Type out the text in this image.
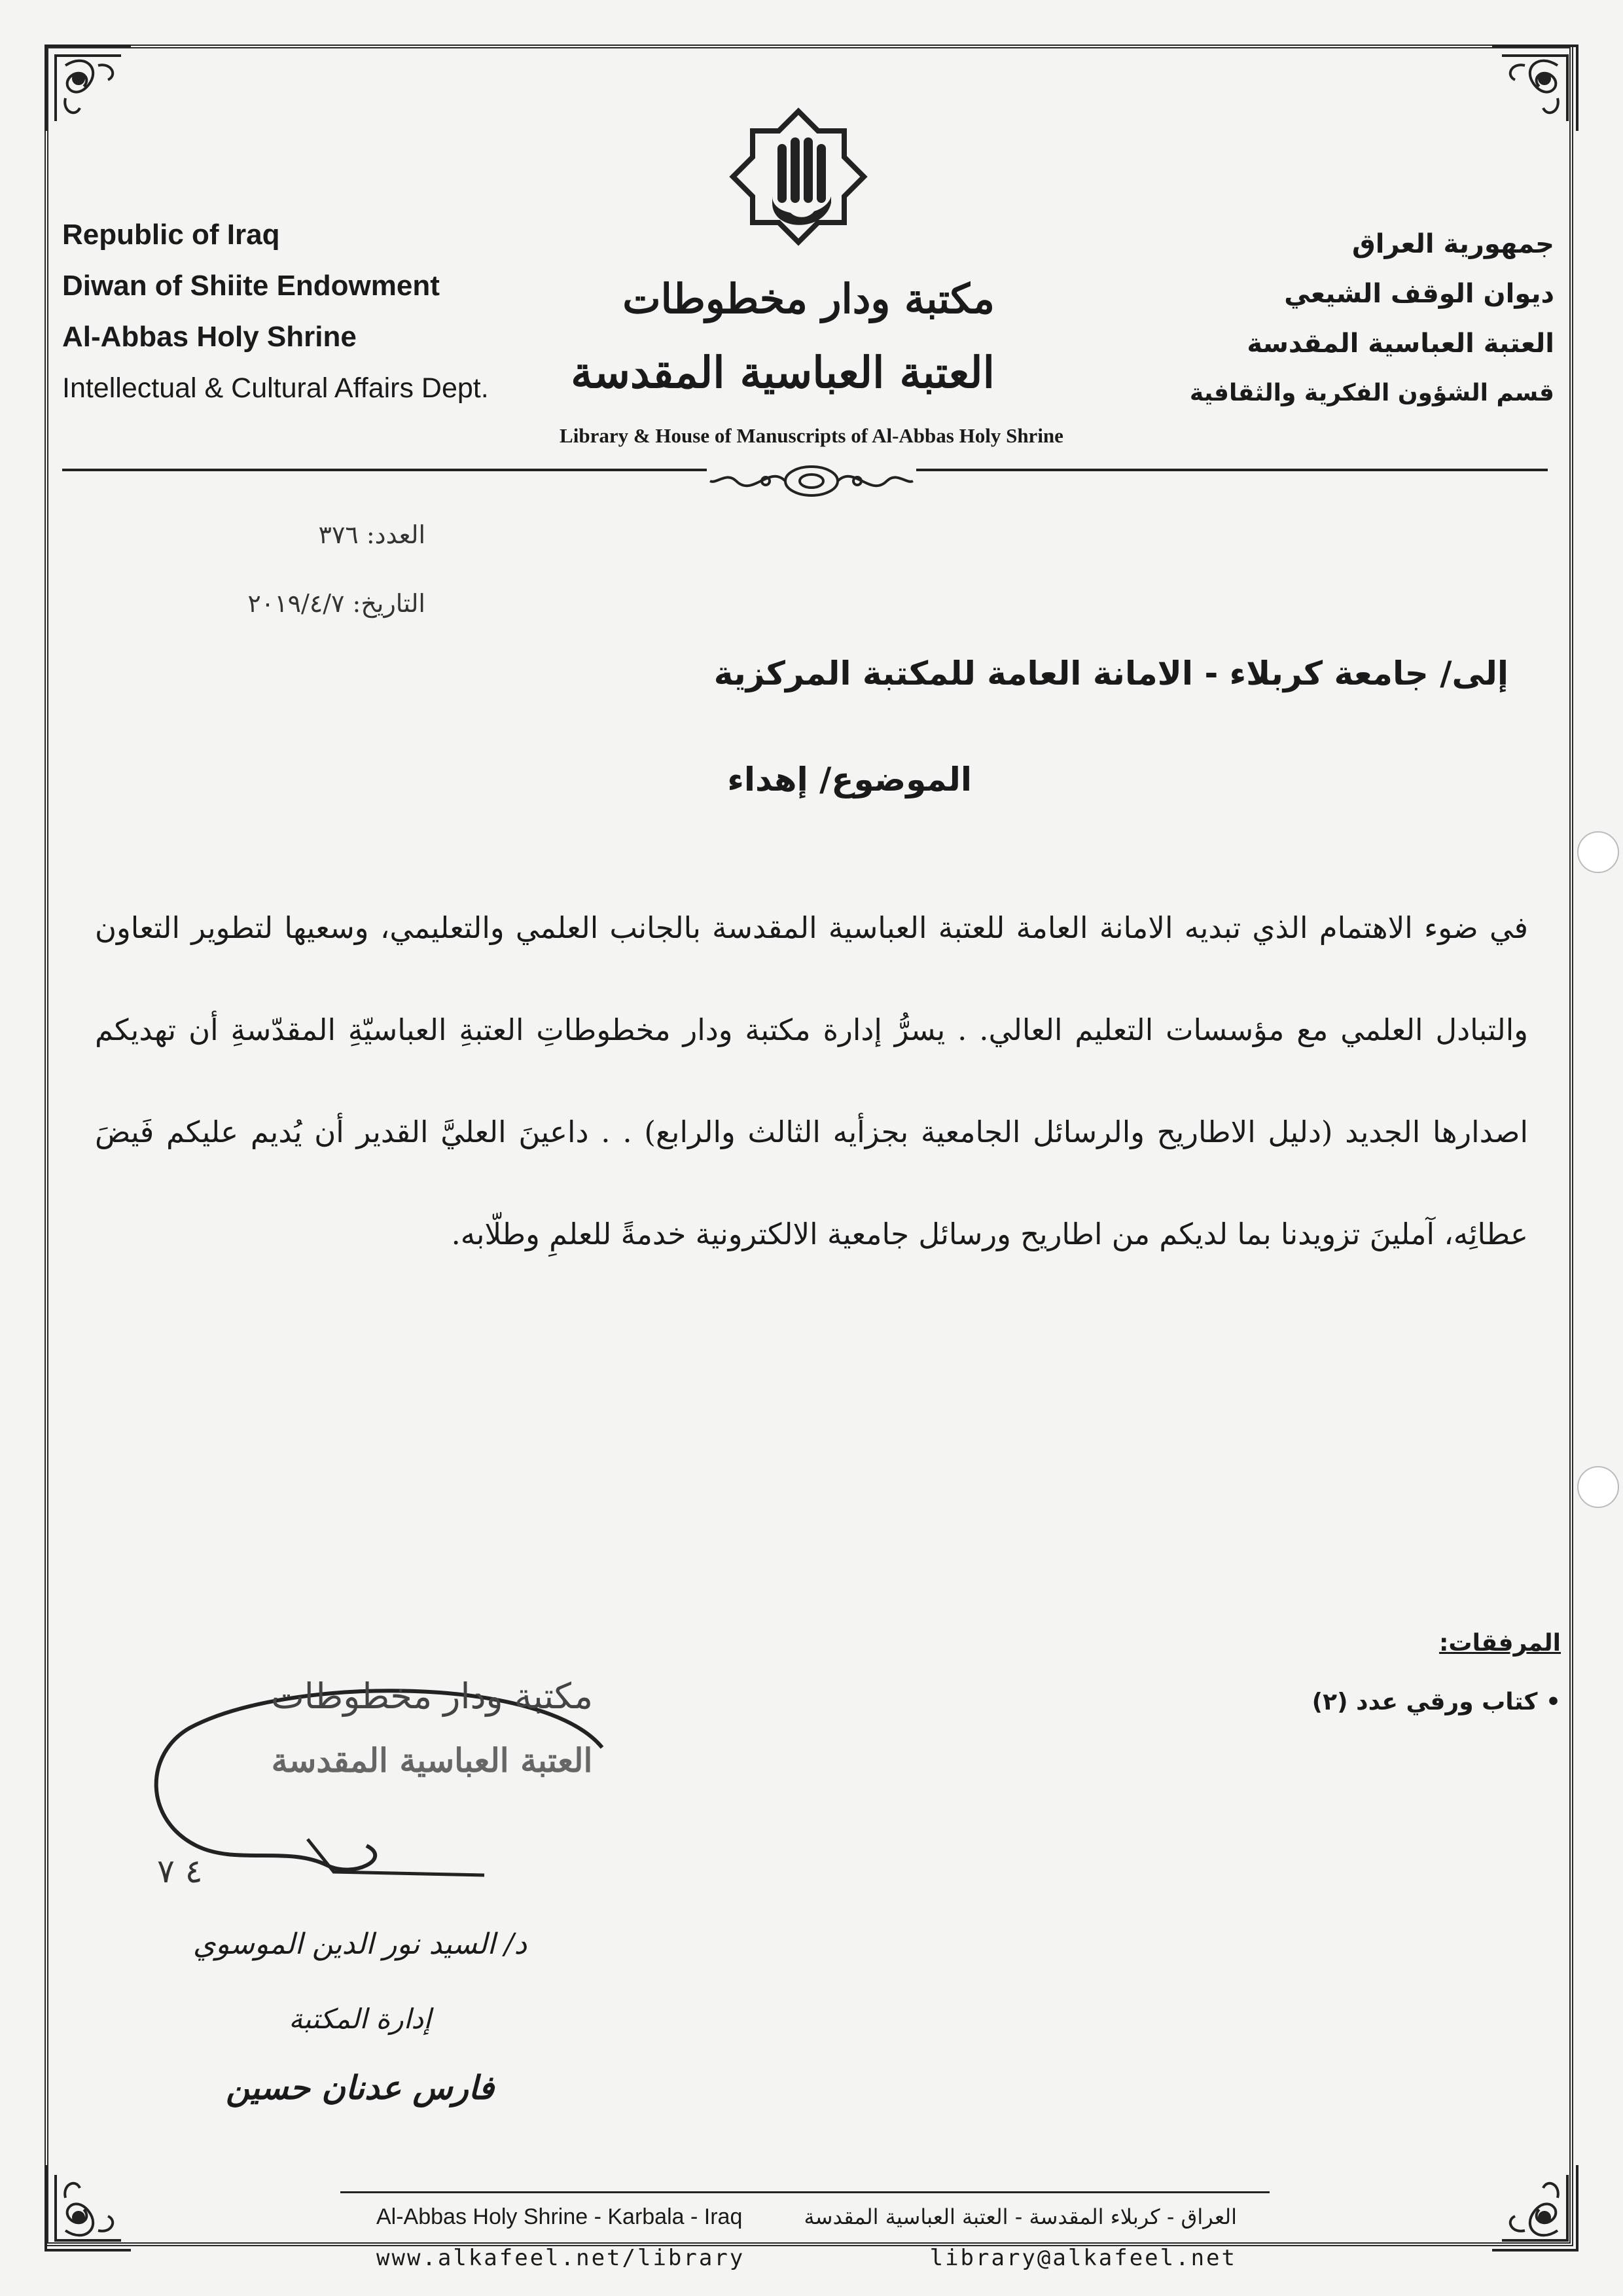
Republic of Iraq
Diwan of Shiite Endowment
Al-Abbas Holy Shrine
Intellectual & Cultural Affairs Dept.
جمهورية العراق
ديوان الوقف الشيعي
العتبة العباسية المقدسة
قسم الشؤون الفكرية والثقافية
مكتبة ودار مخطوطات
العتبة العباسية المقدسة
Library & House of Manuscripts of Al-Abbas Holy Shrine
العدد: ٣٧٦
التاريخ: ٢٠١٩/٤/٧
إلى/ جامعة كربلاء - الامانة العامة للمكتبة المركزية
الموضوع/ إهداء
في ضوء الاهتمام الذي تبديه الامانة العامة للعتبة العباسية المقدسة بالجانب العلمي والتعليمي، وسعيها لتطوير التعاون والتبادل العلمي مع مؤسسات التعليم العالي. . يسرُّ إدارة مكتبة ودار مخطوطاتِ العتبةِ العباسيّةِ المقدّسةِ أن تهديكم اصدارها الجديد (دليل الاطاريح والرسائل الجامعية بجزأيه الثالث والرابع) . . داعينَ العليَّ القدير أن يُديم عليكم فَيضَ عطائِه، آملينَ تزويدنا بما لديكم من اطاريح ورسائل جامعية الالكترونية خدمةً للعلمِ وطلّابه.
المرفقات:
• كتاب ورقي عدد (٢)
مكتبة ودار مخطوطات
العتبة العباسية المقدسة
٤ ٧
د/ السيد نور الدين الموسوي
إدارة المكتبة
فارس عدنان حسين
Al-Abbas Holy Shrine - Karbala - Iraq
www.alkafeel.net/library
العراق - كربلاء المقدسة - العتبة العباسية المقدسة
library@alkafeel.net
